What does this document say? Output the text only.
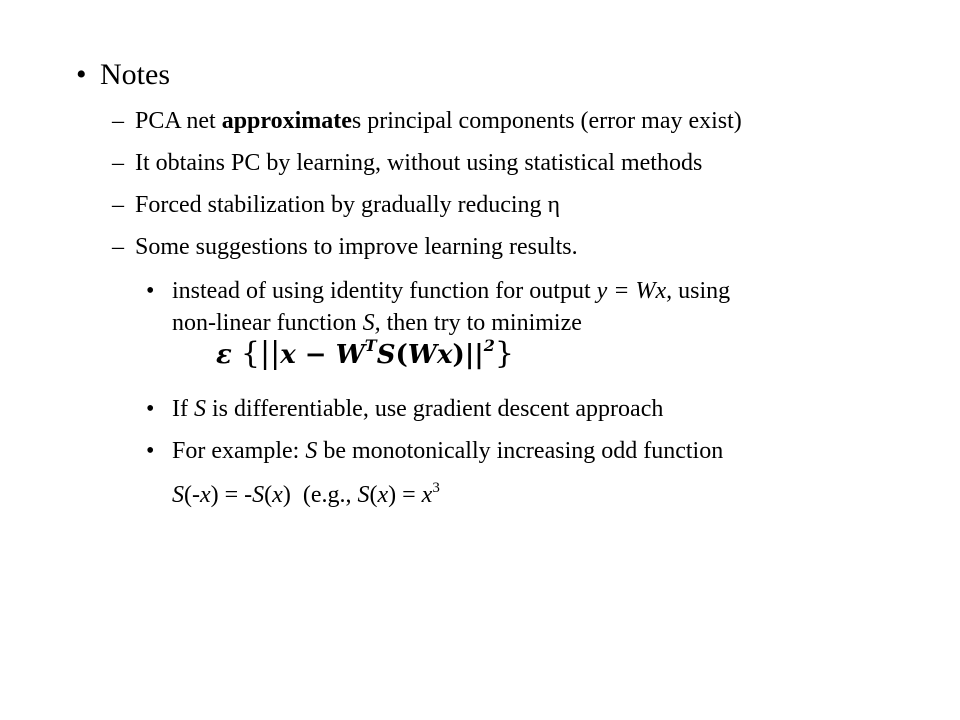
• Notes
– PCA net approximates principal components (error may exist)
– It obtains PC by learning, without using statistical methods
– Forced stabilization by gradually reducing η
– Some suggestions to improve learning results.
• instead of using identity function for output y = Wx, using
non-linear function S, then try to minimize
ε $\{||x - W^TS(Wx)||^2\}$
• If S is differentiable, use gradient descent approach
• For example: S be monotonically increasing odd function
S(-x) = -S(x)  (e.g., $S(x) = x^3$
